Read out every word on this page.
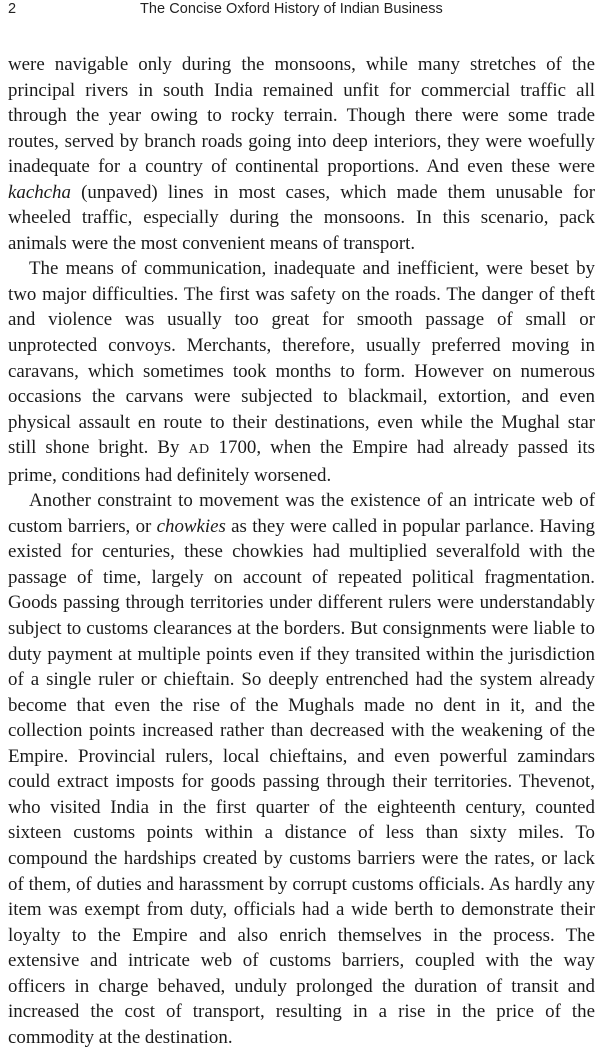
2	The Concise Oxford History of Indian Business

were navigable only during the monsoons, while many stretches of the principal rivers in south India remained unfit for commercial traffic all through the year owing to rocky terrain. Though there were some trade routes, served by branch roads going into deep interiors, they were woefully inadequate for a country of continental proportions. And even these were kachcha (unpaved) lines in most cases, which made them unusable for wheeled traffic, especially during the monsoons. In this scenario, pack animals were the most convenient means of transport.

The means of communication, inadequate and inefficient, were beset by two major difficulties. The first was safety on the roads. The danger of theft and violence was usually too great for smooth passage of small or unprotected convoys. Merchants, therefore, usually preferred moving in caravans, which sometimes took months to form. However on numerous occasions the carvans were subjected to blackmail, extortion, and even physical assault en route to their destinations, even while the Mughal star still shone bright. By AD 1700, when the Empire had already passed its prime, conditions had definitely worsened.

Another constraint to movement was the existence of an intricate web of custom barriers, or chowkies as they were called in popular parlance. Having existed for centuries, these chowkies had multiplied severalfold with the passage of time, largely on account of repeated political fragmentation. Goods passing through territories under different rulers were understandably subject to customs clearances at the borders. But consignments were liable to duty payment at multiple points even if they transited within the jurisdiction of a single ruler or chieftain. So deeply entrenched had the system already become that even the rise of the Mughals made no dent in it, and the collection points increased rather than decreased with the weakening of the Empire. Provincial rulers, local chieftains, and even powerful zamindars could extract imposts for goods passing through their territories. Thevenot, who visited India in the first quarter of the eighteenth century, counted sixteen customs points within a distance of less than sixty miles. To compound the hardships created by customs barriers were the rates, or lack of them, of duties and harassment by corrupt customs officials. As hardly any item was exempt from duty, officials had a wide berth to demonstrate their loyalty to the Empire and also enrich themselves in the process. The extensive and intricate web of customs barriers, coupled with the way officers in charge behaved, unduly prolonged the duration of transit and increased the cost of transport, resulting in a rise in the price of the commodity at the destination.
